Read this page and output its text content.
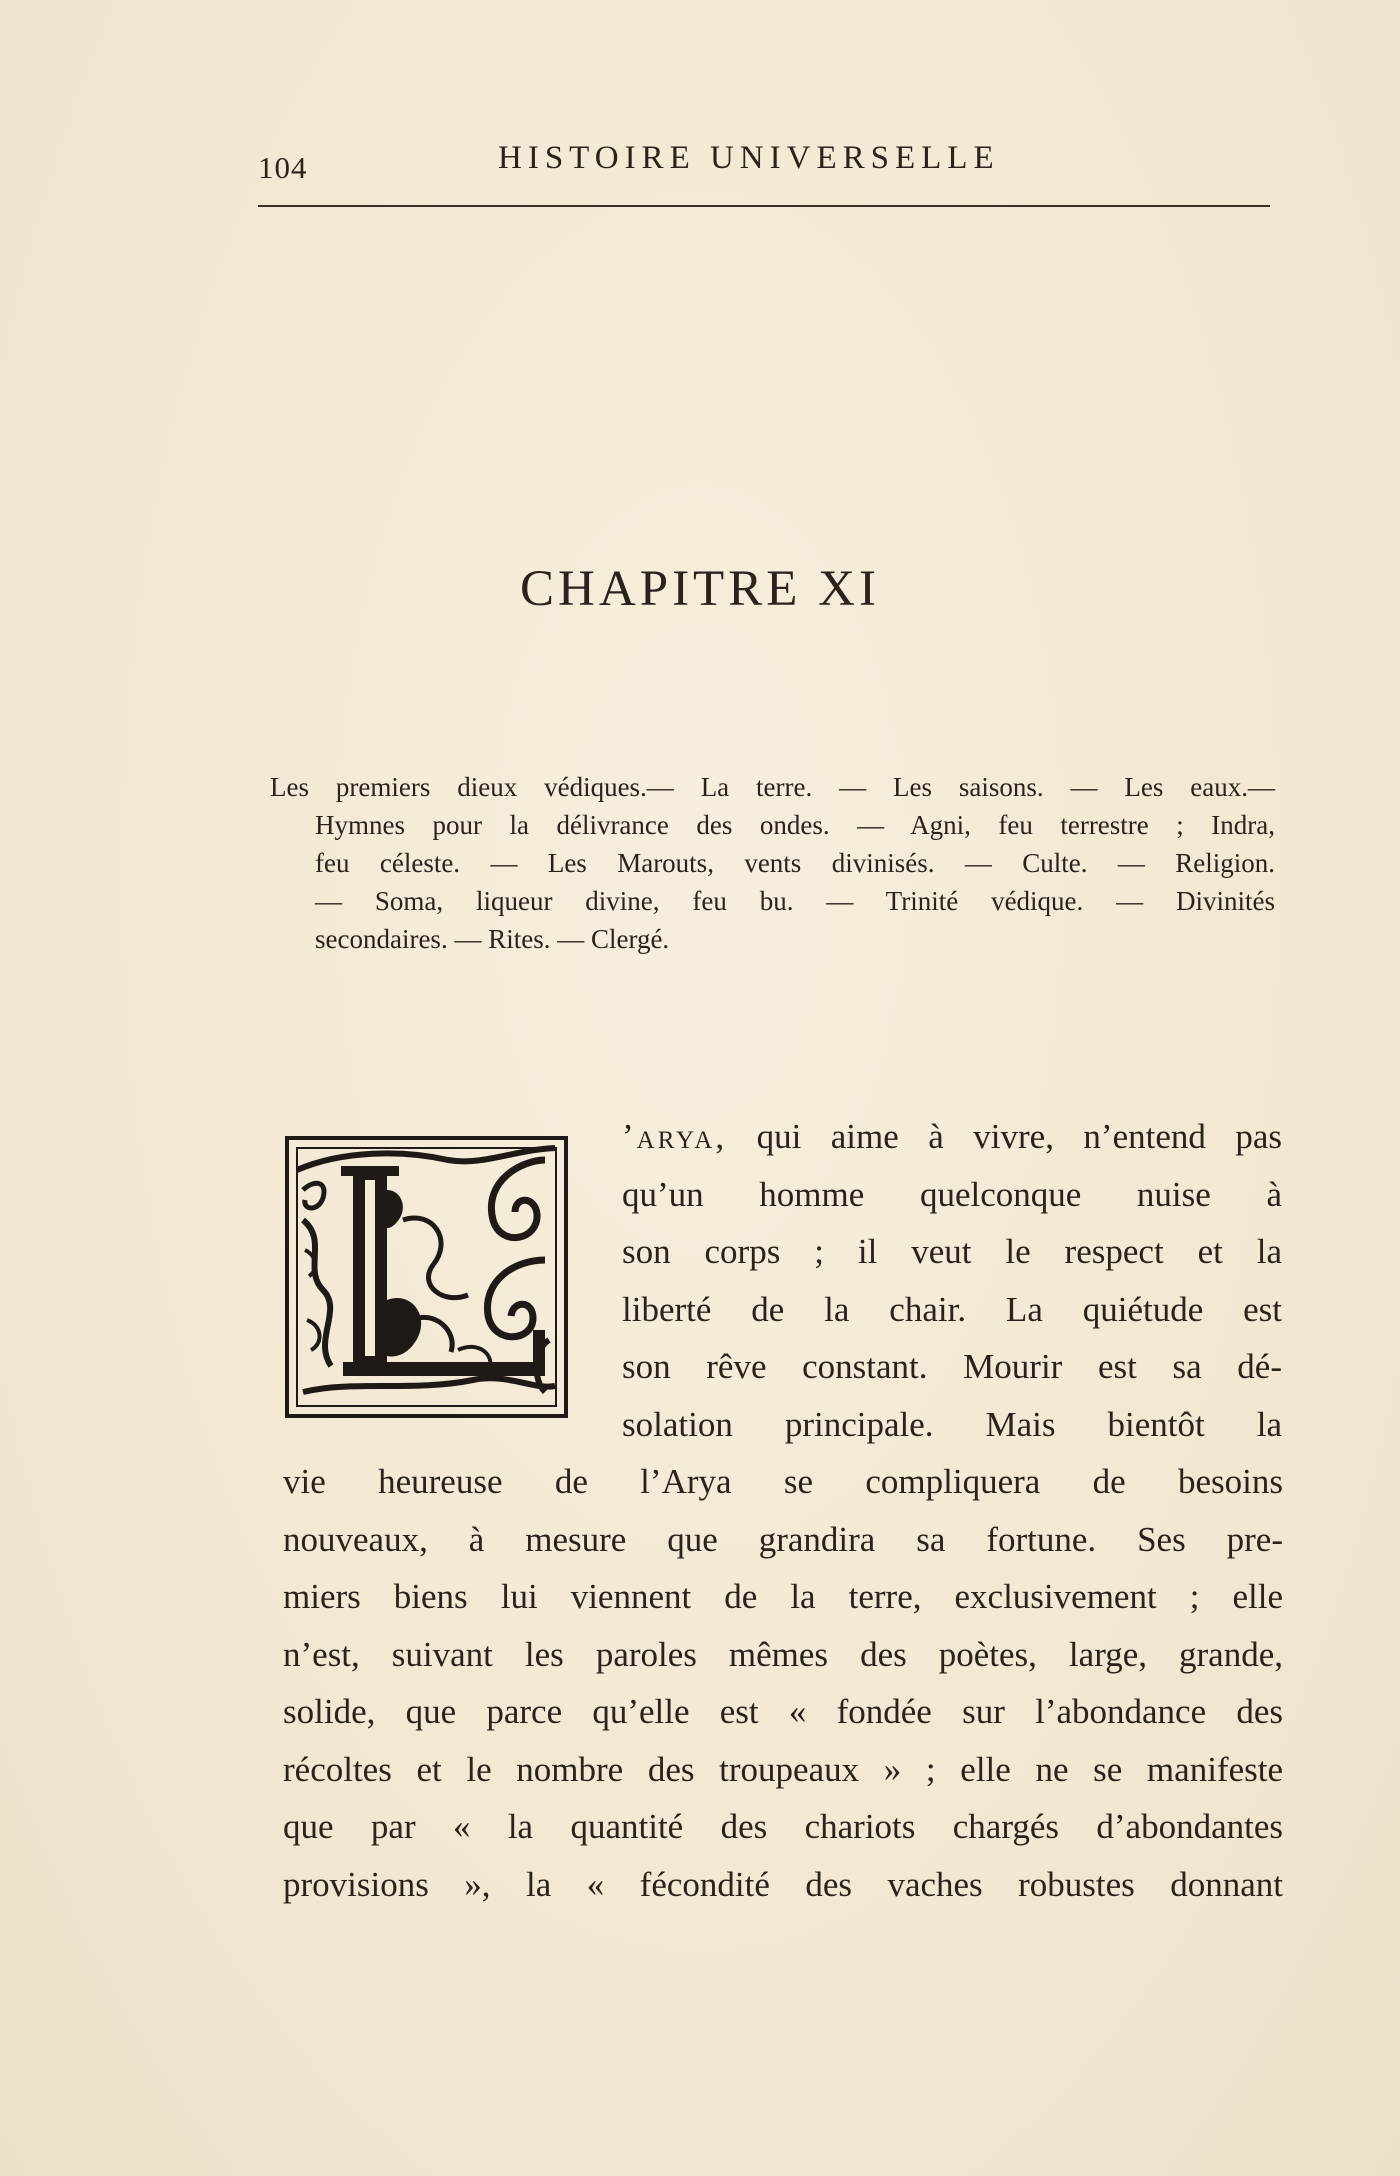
104	HISTOIRE UNIVERSELLE
CHAPITRE XI
Les premiers dieux védiques.— La terre. — Les saisons. — Les eaux.—
Hymnes pour la délivrance des ondes. — Agni, feu terrestre ; Indra,
feu céleste. — Les Marouts, vents divinisés. — Culte. — Religion.
— Soma, liqueur divine, feu bu. — Trinité védique. — Divinités
secondaires. — Rites. — Clergé.
’arya, qui aime à vivre, n’entend pas
qu’un homme quelconque nuise à
son corps ; il veut le respect et la
liberté de la chair. La quiétude est
son rêve constant. Mourir est sa dé-
solation principale. Mais bientôt la
vie heureuse de l’Arya se compliquera de besoins
nouveaux, à mesure que grandira sa fortune. Ses pre-
miers biens lui viennent de la terre, exclusivement ; elle
n’est, suivant les paroles mêmes des poètes, large, grande,
solide, que parce qu’elle est « fondée sur l’abondance des
récoltes et le nombre des troupeaux » ; elle ne se manifeste
que par « la quantité des chariots chargés d’abondantes
provisions », la « fécondité des vaches robustes donnant
